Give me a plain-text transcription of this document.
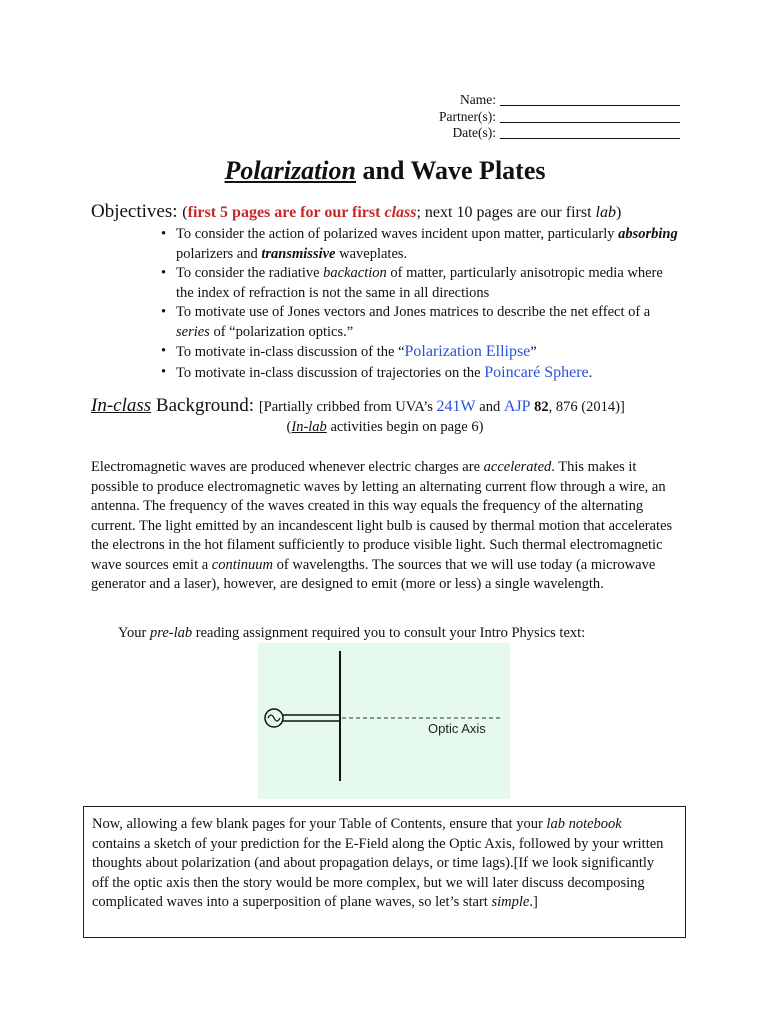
Name:
Partner(s):
Date(s):
Polarization and Wave Plates
Objectives: (first 5 pages are for our first class; next 10 pages are our first lab)
• To consider the action of polarized waves incident upon matter, particularly absorbing polarizers and transmissive waveplates.
• To consider the radiative backaction of matter, particularly anisotropic media where the index of refraction is not the same in all directions
• To motivate use of Jones vectors and Jones matrices to describe the net effect of a series of “polarization optics.”
• To motivate in-class discussion of the “Polarization Ellipse”
• To motivate in-class discussion of trajectories on the Poincaré Sphere.
In-class Background: [Partially cribbed from UVA’s 241W and AJP 82, 876 (2014)]
(In-lab activities begin on page 6)
Electromagnetic waves are produced whenever electric charges are accelerated. This makes it possible to produce electromagnetic waves by letting an alternating current flow through a wire, an antenna. The frequency of the waves created in this way equals the frequency of the alternating current. The light emitted by an incandescent light bulb is caused by thermal motion that accelerates the electrons in the hot filament sufficiently to produce visible light. Such thermal electromagnetic wave sources emit a continuum of wavelengths. The sources that we will use today (a microwave generator and a laser), however, are designed to emit (more or less) a single wavelength.
Your pre-lab reading assignment required you to consult your Intro Physics text:
Optic Axis
Now, allowing a few blank pages for your Table of Contents, ensure that your lab notebook contains a sketch of your prediction for the E-Field along the Optic Axis, followed by your written thoughts about polarization (and about propagation delays, or time lags).[If we look significantly off the optic axis then the story would be more complex, but we will later discuss decomposing complicated waves into a superposition of plane waves, so let’s start simple.]
